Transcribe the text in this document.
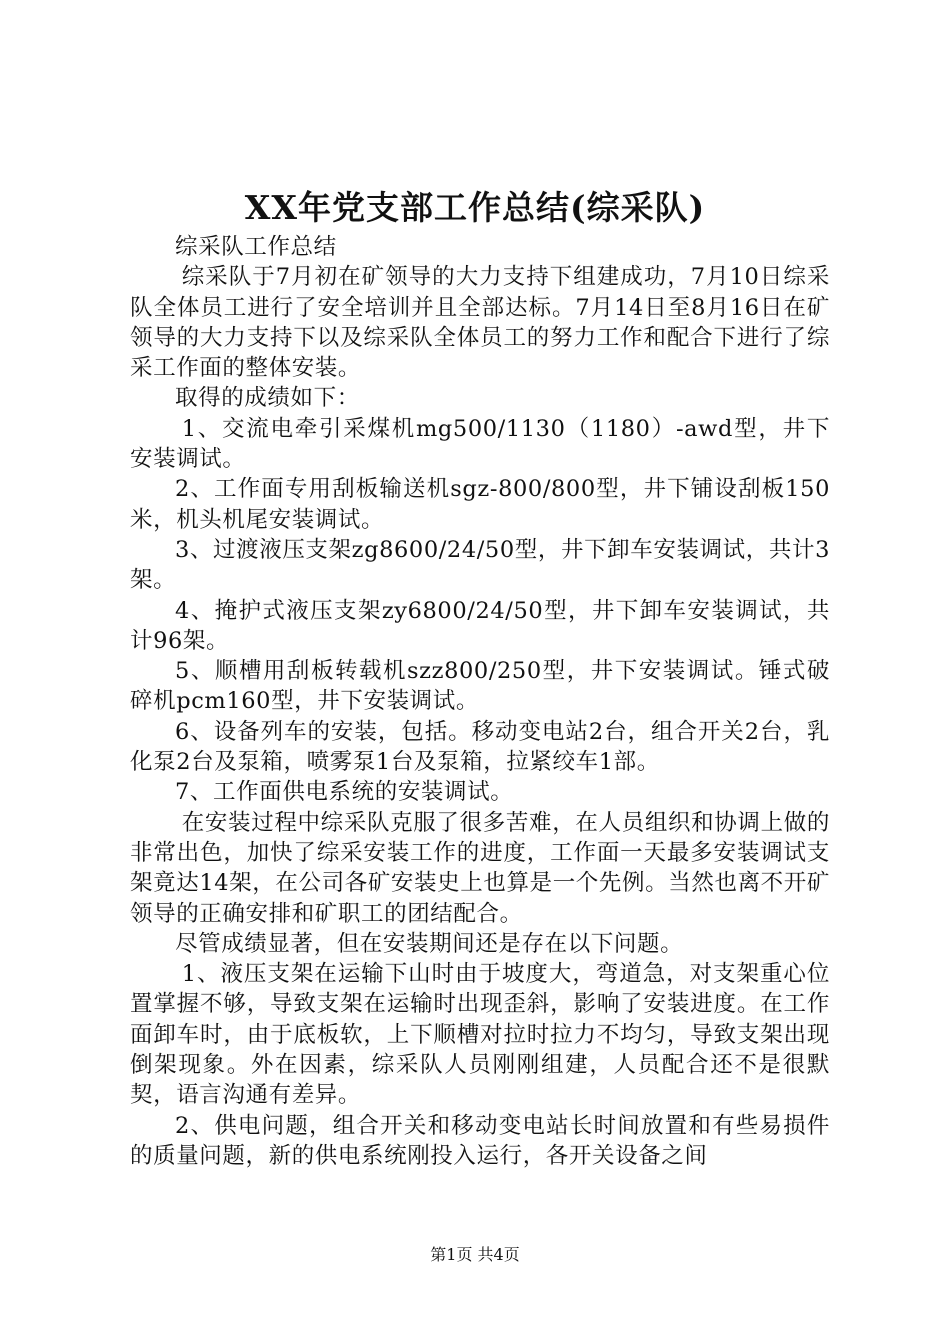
XX年党支部工作总结(综采队)

综采队工作总结

综采队于7月初在矿领导的大力支持下组建成功，7月10日综采队全体员工进行了安全培训并且全部达标。7月14日至8月16日在矿领导的大力支持下以及综采队全体员工的努力工作和配合下进行了综采工作面的整体安装。

取得的成绩如下：

1、交流电牵引采煤机mg500/1130（1180）-awd型，井下安装调试。

2、工作面专用刮板输送机sgz-800/800型，井下铺设刮板150米，机头机尾安装调试。

3、过渡液压支架zg8600/24/50型，井下卸车安装调试，共计3架。

4、掩护式液压支架zy6800/24/50型，井下卸车安装调试，共计96架。

5、顺槽用刮板转载机szz800/250型，井下安装调试。锤式破碎机pcm160型，井下安装调试。

6、设备列车的安装，包括。移动变电站2台，组合开关2台，乳化泵2台及泵箱，喷雾泵1台及泵箱，拉紧绞车1部。

7、工作面供电系统的安装调试。

在安装过程中综采队克服了很多苦难，在人员组织和协调上做的非常出色，加快了综采安装工作的进度，工作面一天最多安装调试支架竟达14架，在公司各矿安装史上也算是一个先例。当然也离不开矿领导的正确安排和矿职工的团结配合。

尽管成绩显著，但在安装期间还是存在以下问题。

1、液压支架在运输下山时由于坡度大，弯道急，对支架重心位置掌握不够，导致支架在运输时出现歪斜，影响了安装进度。在工作面卸车时，由于底板软，上下顺槽对拉时拉力不均匀，导致支架出现倒架现象。外在因素，综采队人员刚刚组建，人员配合还不是很默契，语言沟通有差异。

2、供电问题，组合开关和移动变电站长时间放置和有些易损件的质量问题，新的供电系统刚投入运行，各开关设备之间

第1页 共4页
